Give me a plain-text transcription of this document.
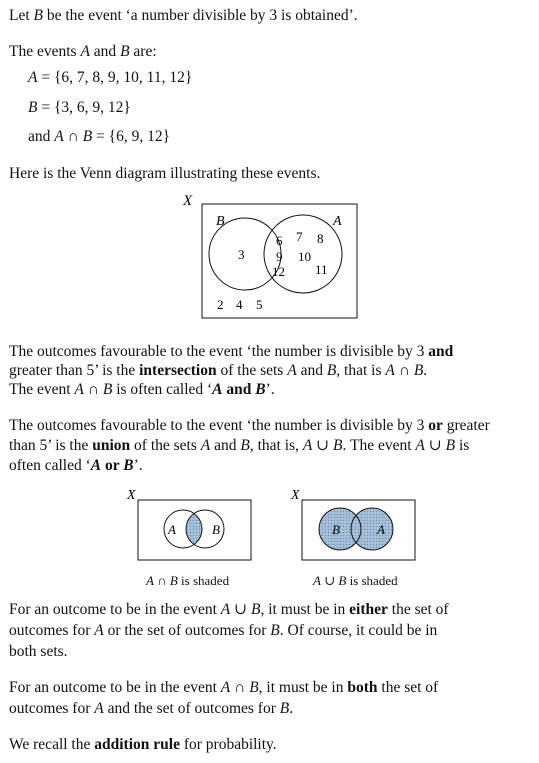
Let B be the event ‘a number divisible by 3 is obtained’.

The events A and B are:

A = {6, 7, 8, 9, 10, 11, 12}

B = {3, 6, 9, 12}

and A ∩ B = {6, 9, 12}

Here is the Venn diagram illustrating these events.

X
B	A
3
6
9
12
7 8
10
11
2 4 5

The outcomes favourable to the event ‘the number is divisible by 3 and

greater than 5’ is the intersection of the sets A and B, that is A ∩ B.

The event A ∩ B is often called ‘A and B’.

The outcomes favourable to the event ‘the number is divisible by 3 or greater

than 5’ is the union of the sets A and B, that is, A ∪ B. The event A ∪ B is

often called ‘A or B’.

X
A	B
X
B	A
A ∩ B is shaded	A ∪ B is shaded

For an outcome to be in the event A ∪ B, it must be in either the set of

outcomes for A or the set of outcomes for B. Of course, it could be in

both sets.

For an outcome to be in the event A ∩ B, it must be in both the set of

outcomes for A and the set of outcomes for B.

We recall the addition rule for probability.
